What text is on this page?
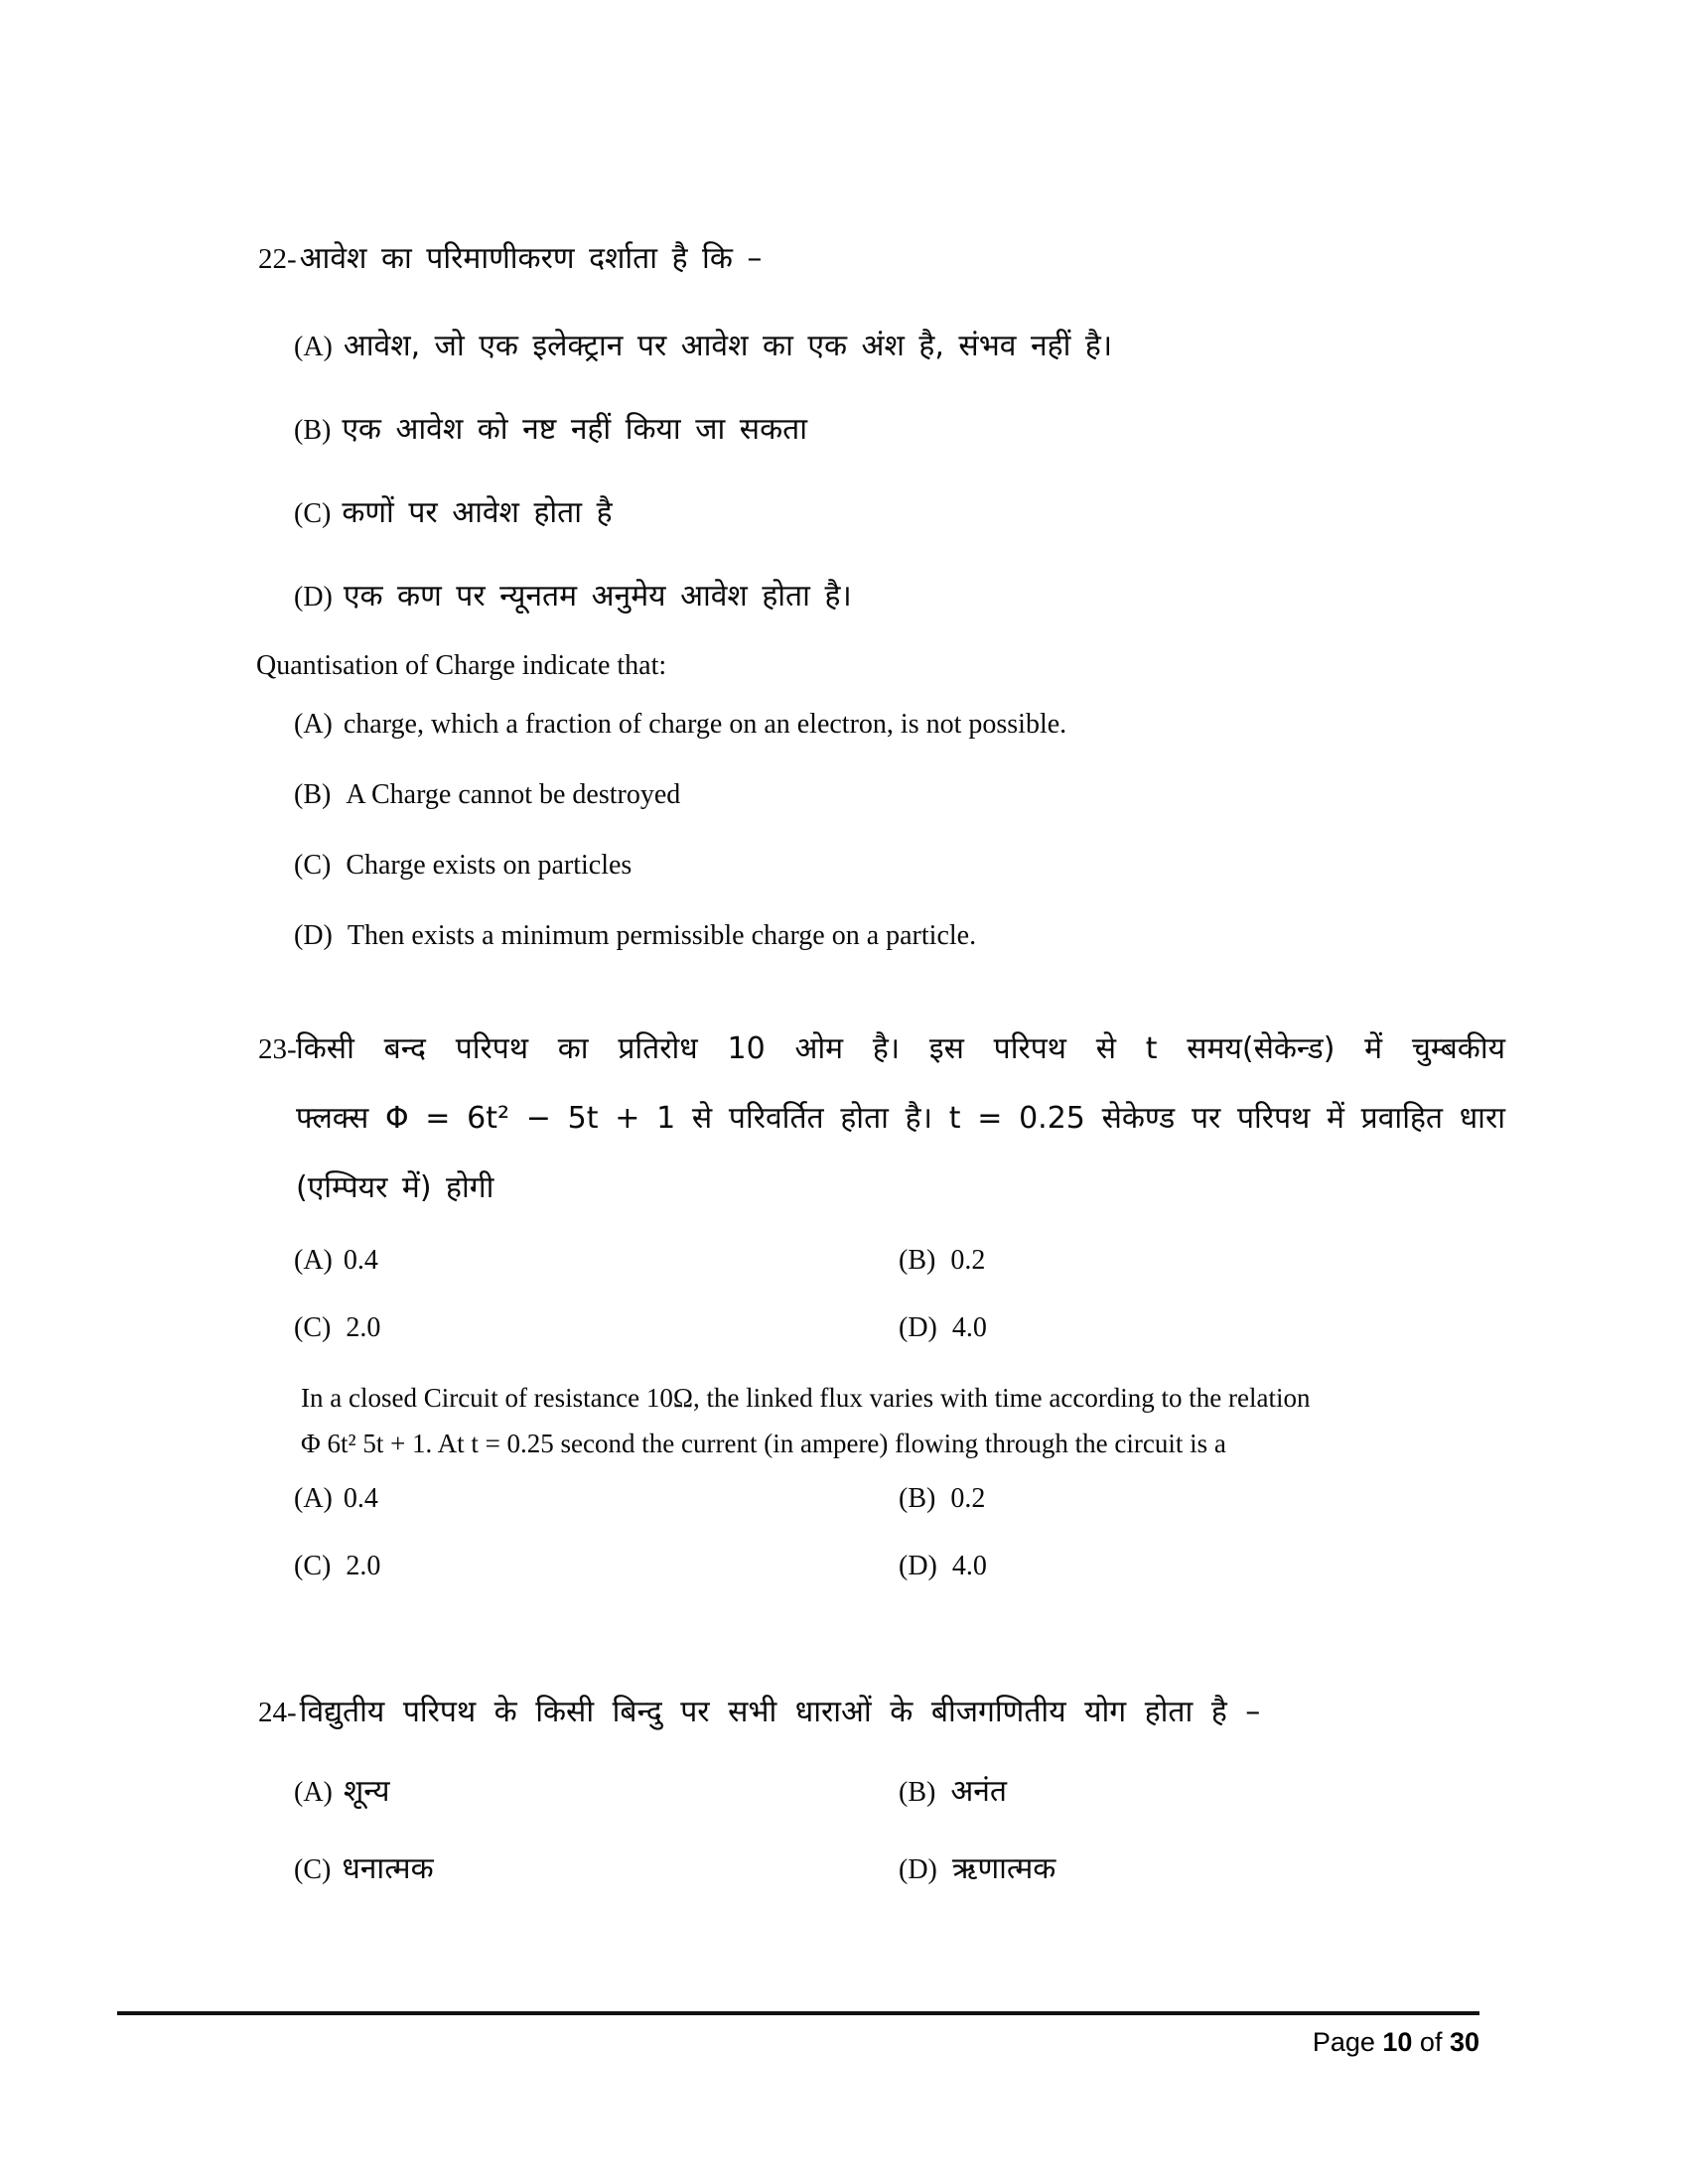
22- आवेश का परिमाणीकरण दर्शाता है कि –
(A) आवेश, जो एक इलेक्ट्रान पर आवेश का एक अंश है, संभव नहीं है।
(B) एक आवेश को नष्ट नहीं किया जा सकता
(C) कणों पर आवेश होता है
(D) एक कण पर न्यूनतम अनुमेय आवेश होता है।
Quantisation of Charge indicate that:
(A) charge, which a fraction of charge on an electron, is not possible.
(B) A Charge cannot be destroyed
(C) Charge exists on particles
(D) Then exists a minimum permissible charge on a particle.
23- किसी बन्द परिपथ का प्रतिरोध 10 ओम है। इस परिपथ से t समय(सेकेन्ड) में चुम्बकीय
फ्लक्स Φ = 6t² − 5t + 1 से परिवर्तित होता है। t = 0.25 सेकेण्ड पर परिपथ में प्रवाहित धारा
(एम्पियर में) होगी
(A) 0.4	(B) 0.2
(C) 2.0	(D) 4.0
In a closed Circuit of resistance 10Ω, the linked flux varies with time according to the relation
Φ 6t² 5t + 1. At t = 0.25 second the current (in ampere) flowing through the circuit is a
(A) 0.4	(B) 0.2
(C) 2.0	(D) 4.0
24- विद्युतीय परिपथ के किसी बिन्दु पर सभी धाराओं के बीजगणितीय योग होता है –
(A) शून्य	(B) अनंत
(C) धनात्मक	(D) ऋणात्मक
Page 10 of 30
